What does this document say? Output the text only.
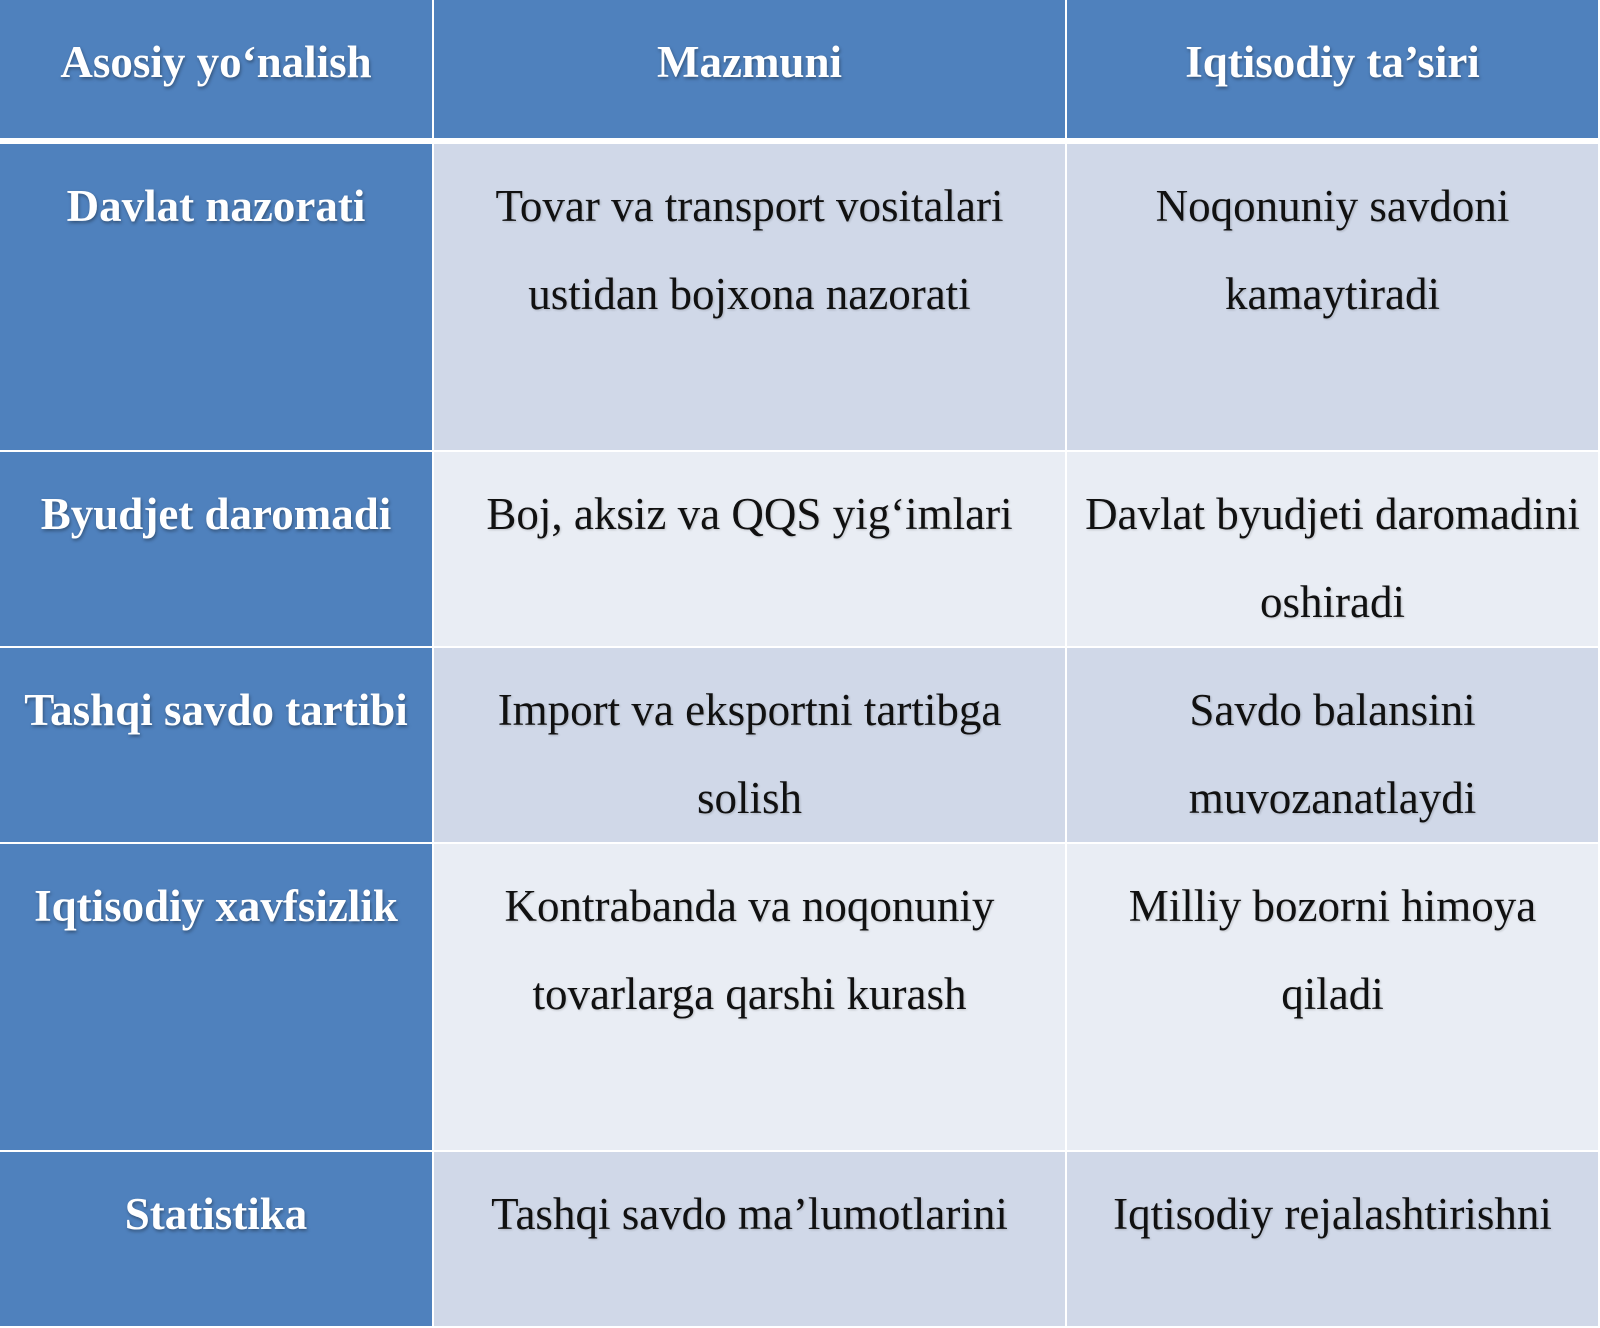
Asosiy yo‘nalish	Mazmuni	Iqtisodiy ta’siri
Davlat nazorati	Tovar va transport vositalari ustidan bojxona nazorati	Noqonuniy savdoni kamaytiradi
Byudjet daromadi	Boj, aksiz va QQS yig‘imlari	Davlat byudjeti daromadini oshiradi
Tashqi savdo tartibi	Import va eksportni tartibga solish	Savdo balansini muvozanatlaydi
Iqtisodiy xavfsizlik	Kontrabanda va noqonuniy tovarlarga qarshi kurash	Milliy bozorni himoya qiladi
Statistika	Tashqi savdo ma’lumotlarini	Iqtisodiy rejalashtirishni
